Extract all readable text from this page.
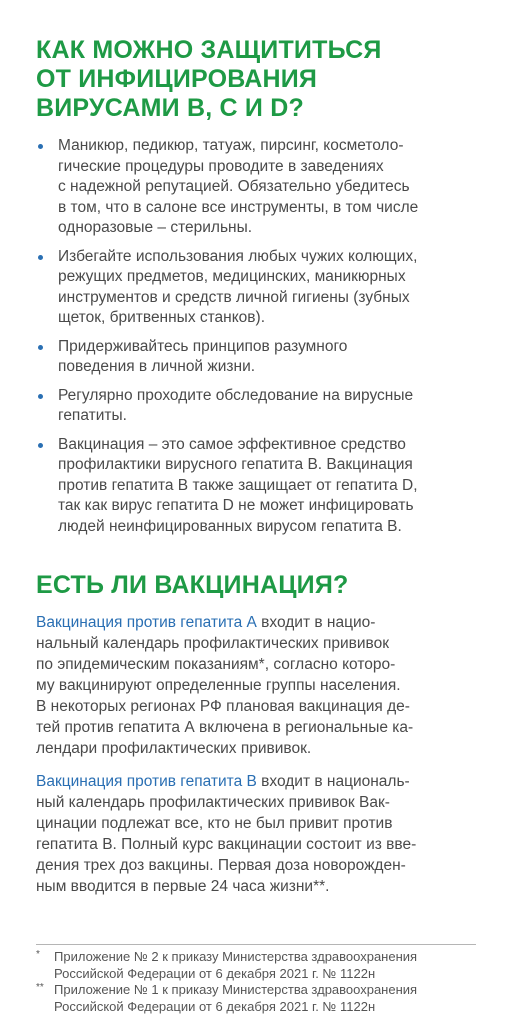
КАК МОЖНО ЗАЩИТИТЬСЯ
ОТ ИНФИЦИРОВАНИЯ
ВИРУСАМИ В, С И D?
Маникюр, педикюр, татуаж, пирсинг, косметоло-
гические процедуры проводите в заведениях
с надежной репутацией. Обязательно убедитесь
в том, что в салоне все инструменты, в том числе
одноразовые – стерильны.
Избегайте использования любых чужих колющих,
режущих предметов, медицинских, маникюрных
инструментов и средств личной гигиены (зубных
щеток, бритвенных станков).
Придерживайтесь принципов разумного
поведения в личной жизни.
Регулярно проходите обследование на вирусные
гепатиты.
Вакцинация – это самое эффективное средство
профилактики вирусного гепатита В. Вакцинация
против гепатита В также защищает от гепатита D,
так как вирус гепатита D не может инфицировать
людей неинфицированных вирусом гепатита В.
ЕСТЬ ЛИ ВАКЦИНАЦИЯ?

Вакцинация против гепатита А входит в нацио-
нальный календарь профилактических прививок
по эпидемическим показаниям*, согласно которо-
му вакцинируют определенные группы населения.
В некоторых регионах РФ плановая вакцинация де-
тей против гепатита А включена в региональные ка-
лендари профилактических прививок.

Вакцинация против гепатита В входит в националь-
ный календарь профилактических прививок Вак-
цинации подлежат все, кто не был привит против
гепатита В. Полный курс вакцинации состоит из вве-
дения трех доз вакцины. Первая доза новорожден-
ным вводится в первые 24 часа жизни**.

* Приложение № 2 к приказу Министерства здравоохранения
Российской Федерации от 6 декабря 2021 г. № 1122н
** Приложение № 1 к приказу Министерства здравоохранения
Российской Федерации от 6 декабря 2021 г. № 1122н
